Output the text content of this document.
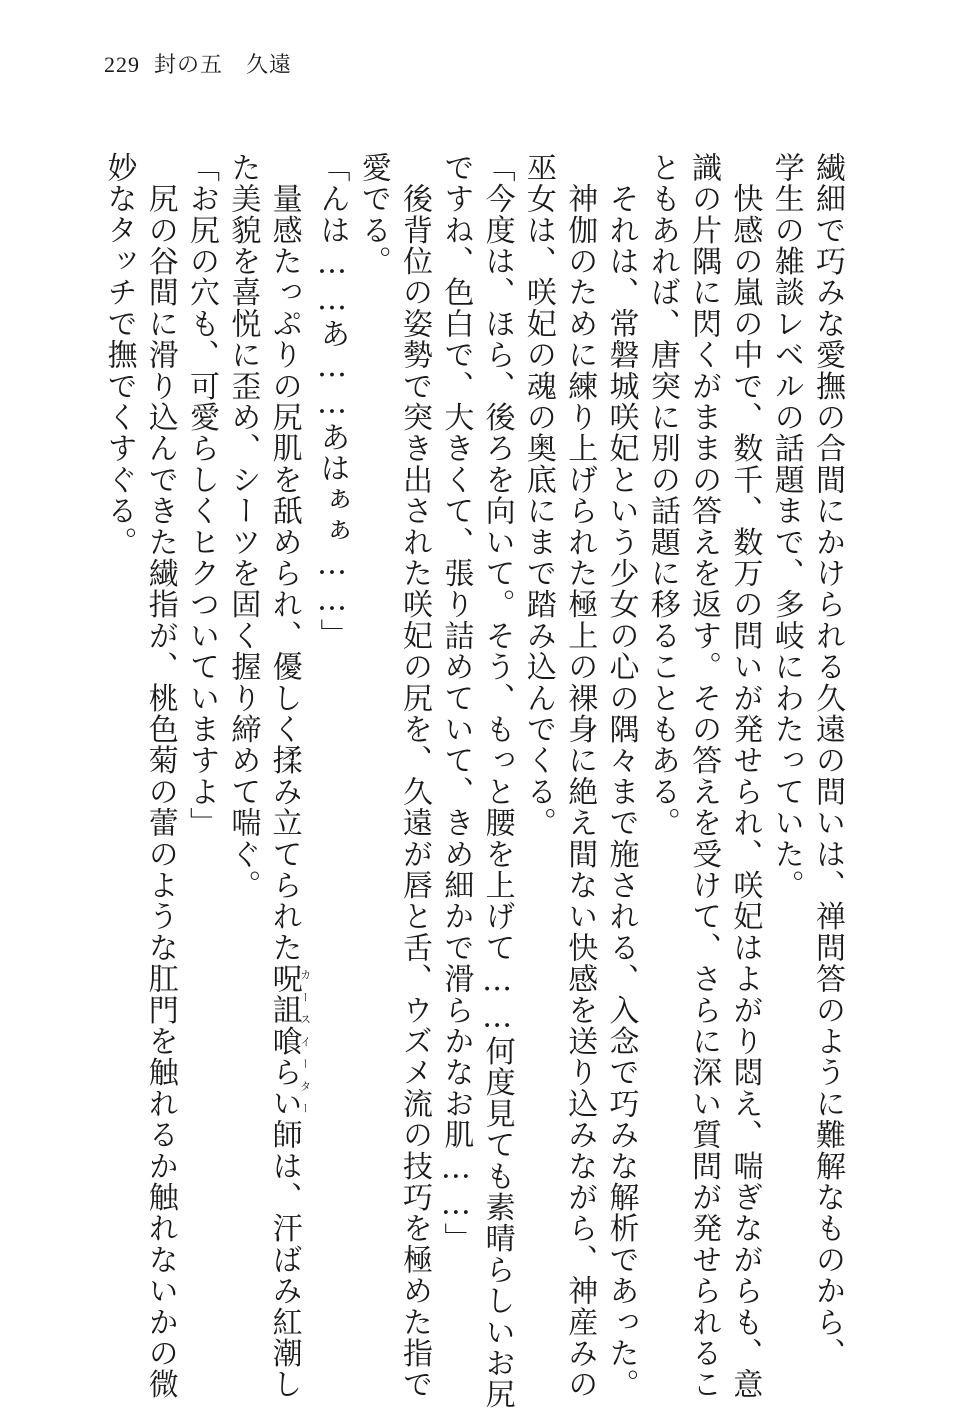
229 封の五　久遠

繊細で巧みな愛撫の合間にかけられる久遠の問いは、禅問答のように難解なものから、

学生の雑談レベルの話題まで、多岐にわたっていた。

　快感の嵐の中で、数千、数万の問いが発せられ、咲妃はよがり悶え、喘ぎながらも、意

識の片隅に閃くがままの答えを返す。その答えを受けて、さらに深い質問が発せられるこ

ともあれば、唐突に別の話題に移ることもある。

　それは、常磐城咲妃という少女の心の隅々まで施される、入念で巧みな解析であった。

　神伽のために練り上げられた極上の裸身に絶え間ない快感を送り込みながら、神産みの

巫女は、咲妃の魂の奥底にまで踏み込んでくる。

「今度は、ほら、後ろを向いて。そう、もっと腰を上げて……何度見ても素晴らしいお尻

ですね、色白で、大きくて、張り詰めていて、きめ細かで滑らかなお肌……」

　後背位の姿勢で突き出された咲妃の尻を、久遠が唇と舌、ウズメ流の技巧を極めた指で

愛でる。

「んは……あ……あはぁぁ……」

　量感たっぷりの尻肌を舐められ、優しく揉み立てられた呪詛喰らいカースイーター師は、汗ばみ紅潮し

た美貌を喜悦に歪め、シーツを固く握り締めて喘ぐ。

「お尻の穴も、可愛らしくヒクついていますよ」

　尻の谷間に滑り込んできた繊指が、桃色菊の蕾のような肛門を触れるか触れないかの微

妙なタッチで撫でくすぐる。
